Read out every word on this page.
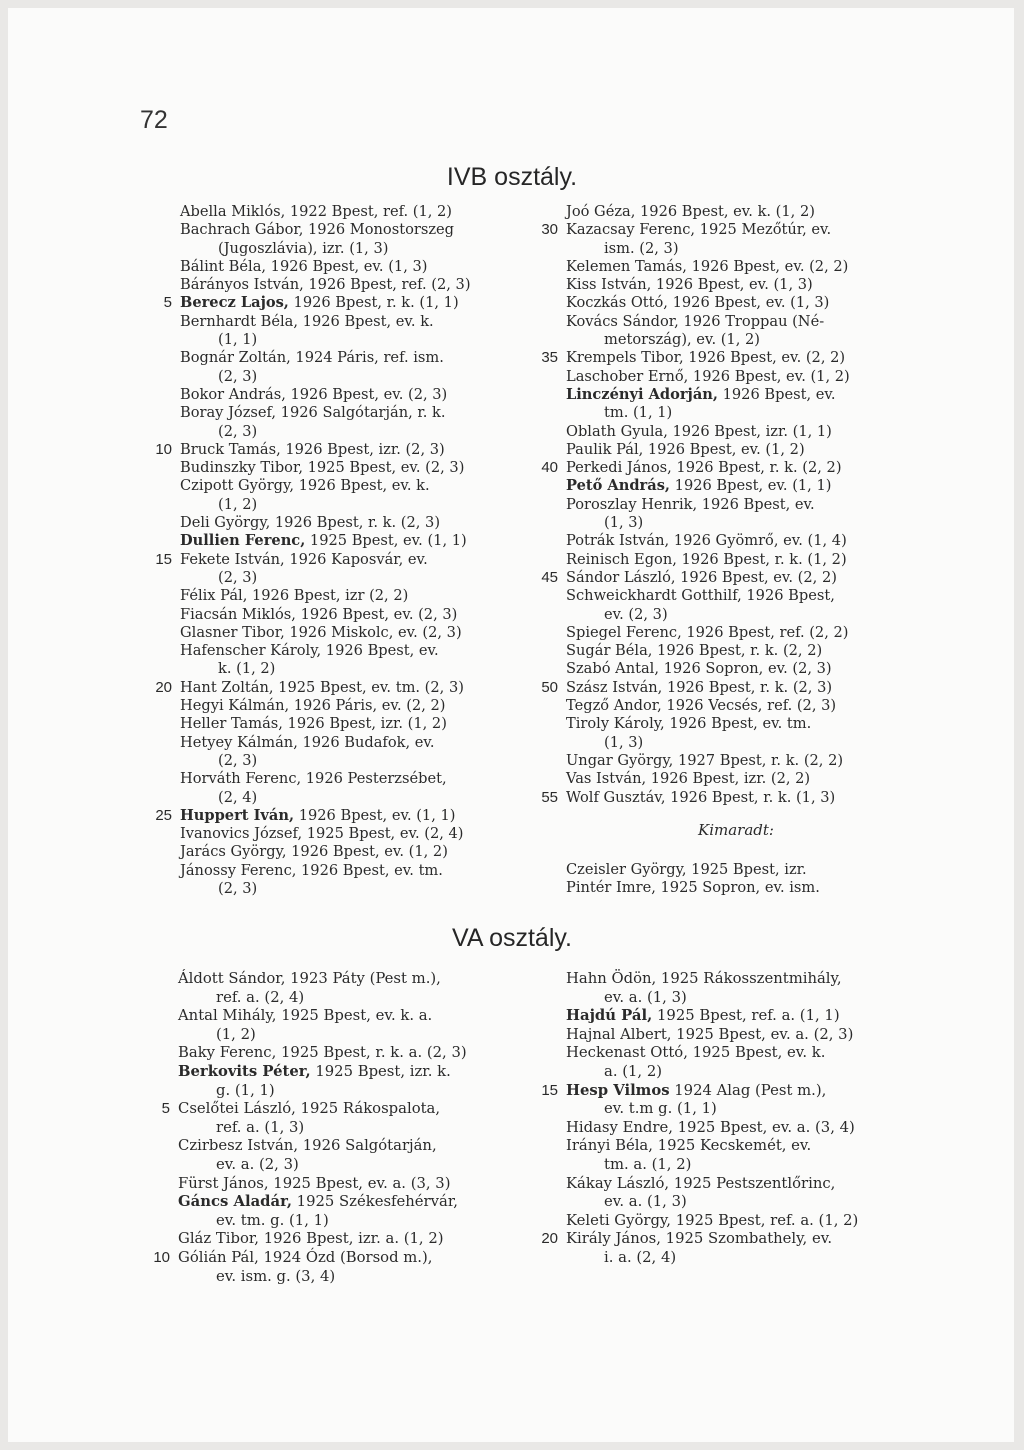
72
IVB osztály.
Abella Miklós, 1922 Bpest, ref. (1, 2)
Bachrach Gábor, 1926 Monostorszeg
(Jugoszlávia), izr. (1, 3)
Bálint Béla, 1926 Bpest, ev. (1, 3)
Bárányos István, 1926 Bpest, ref. (2, 3)
5 Berecz Lajos, 1926 Bpest, r. k. (1, 1)
Bernhardt Béla, 1926 Bpest, ev. k.
(1, 1)
Bognár Zoltán, 1924 Páris, ref. ism.
(2, 3)
Bokor András, 1926 Bpest, ev. (2, 3)
Boray József, 1926 Salgótarján, r. k.
(2, 3)
10 Bruck Tamás, 1926 Bpest, izr. (2, 3)
Budinszky Tibor, 1925 Bpest, ev. (2, 3)
Czipott György, 1926 Bpest, ev. k.
(1, 2)
Deli György, 1926 Bpest, r. k. (2, 3)
Dullien Ferenc, 1925 Bpest, ev. (1, 1)
15 Fekete István, 1926 Kaposvár, ev.
(2, 3)
Félix Pál, 1926 Bpest, izr (2, 2)
Fiacsán Miklós, 1926 Bpest, ev. (2, 3)
Glasner Tibor, 1926 Miskolc, ev. (2, 3)
Hafenscher Károly, 1926 Bpest, ev.
k. (1, 2)
20 Hant Zoltán, 1925 Bpest, ev. tm. (2, 3)
Hegyi Kálmán, 1926 Páris, ev. (2, 2)
Heller Tamás, 1926 Bpest, izr. (1, 2)
Hetyey Kálmán, 1926 Budafok, ev.
(2, 3)
Horváth Ferenc, 1926 Pesterzsébet,
(2, 4)
25 Huppert Iván, 1926 Bpest, ev. (1, 1)
Ivanovics József, 1925 Bpest, ev. (2, 4)
Jarács György, 1926 Bpest, ev. (1, 2)
Jánossy Ferenc, 1926 Bpest, ev. tm.
(2, 3)
Joó Géza, 1926 Bpest, ev. k. (1, 2)
30 Kazacsay Ferenc, 1925 Mezőtúr, ev.
ism. (2, 3)
Kelemen Tamás, 1926 Bpest, ev. (2, 2)
Kiss István, 1926 Bpest, ev. (1, 3)
Koczkás Ottó, 1926 Bpest, ev. (1, 3)
Kovács Sándor, 1926 Troppau (Né-
metország), ev. (1, 2)
35 Krempels Tibor, 1926 Bpest, ev. (2, 2)
Laschober Ernő, 1926 Bpest, ev. (1, 2)
Linczényi Adorján, 1926 Bpest, ev.
tm. (1, 1)
Oblath Gyula, 1926 Bpest, izr. (1, 1)
Paulik Pál, 1926 Bpest, ev. (1, 2)
40 Perkedi János, 1926 Bpest, r. k. (2, 2)
Pető András, 1926 Bpest, ev. (1, 1)
Poroszlay Henrik, 1926 Bpest, ev.
(1, 3)
Potrák István, 1926 Gyömrő, ev. (1, 4)
Reinisch Egon, 1926 Bpest, r. k. (1, 2)
45 Sándor László, 1926 Bpest, ev. (2, 2)
Schweickhardt Gotthilf, 1926 Bpest,
ev. (2, 3)
Spiegel Ferenc, 1926 Bpest, ref. (2, 2)
Sugár Béla, 1926 Bpest, r. k. (2, 2)
Szabó Antal, 1926 Sopron, ev. (2, 3)
50 Szász István, 1926 Bpest, r. k. (2, 3)
Tegző Andor, 1926 Vecsés, ref. (2, 3)
Tiroly Károly, 1926 Bpest, ev. tm.
(1, 3)
Ungar György, 1927 Bpest, r. k. (2, 2)
Vas István, 1926 Bpest, izr. (2, 2)
55 Wolf Gusztáv, 1926 Bpest, r. k. (1, 3)
Kimaradt:
Czeisler György, 1925 Bpest, izr.
Pintér Imre, 1925 Sopron, ev. ism.
VA osztály.
Áldott Sándor, 1923 Páty (Pest m.),
ref. a. (2, 4)
Antal Mihály, 1925 Bpest, ev. k. a.
(1, 2)
Baky Ferenc, 1925 Bpest, r. k. a. (2, 3)
Berkovits Péter, 1925 Bpest, izr. k.
g. (1, 1)
5 Cselőtei László, 1925 Rákospalota,
ref. a. (1, 3)
Czirbesz István, 1926 Salgótarján,
ev. a. (2, 3)
Fürst János, 1925 Bpest, ev. a. (3, 3)
Gáncs Aladár, 1925 Székesfehérvár,
ev. tm. g. (1, 1)
Gláz Tibor, 1926 Bpest, izr. a. (1, 2)
10 Gólián Pál, 1924 Ózd (Borsod m.),
ev. ism. g. (3, 4)
Hahn Ödön, 1925 Rákosszentmihály,
ev. a. (1, 3)
Hajdú Pál, 1925 Bpest, ref. a. (1, 1)
Hajnal Albert, 1925 Bpest, ev. a. (2, 3)
Heckenast Ottó, 1925 Bpest, ev. k.
a. (1, 2)
15 Hesp Vilmos 1924 Alag (Pest m.),
ev. t.m g. (1, 1)
Hidasy Endre, 1925 Bpest, ev. a. (3, 4)
Irányi Béla, 1925 Kecskemét, ev.
tm. a. (1, 2)
Kákay László, 1925 Pestszentlőrinc,
ev. a. (1, 3)
Keleti György, 1925 Bpest, ref. a. (1, 2)
20 Király János, 1925 Szombathely, ev.
i. a. (2, 4)
